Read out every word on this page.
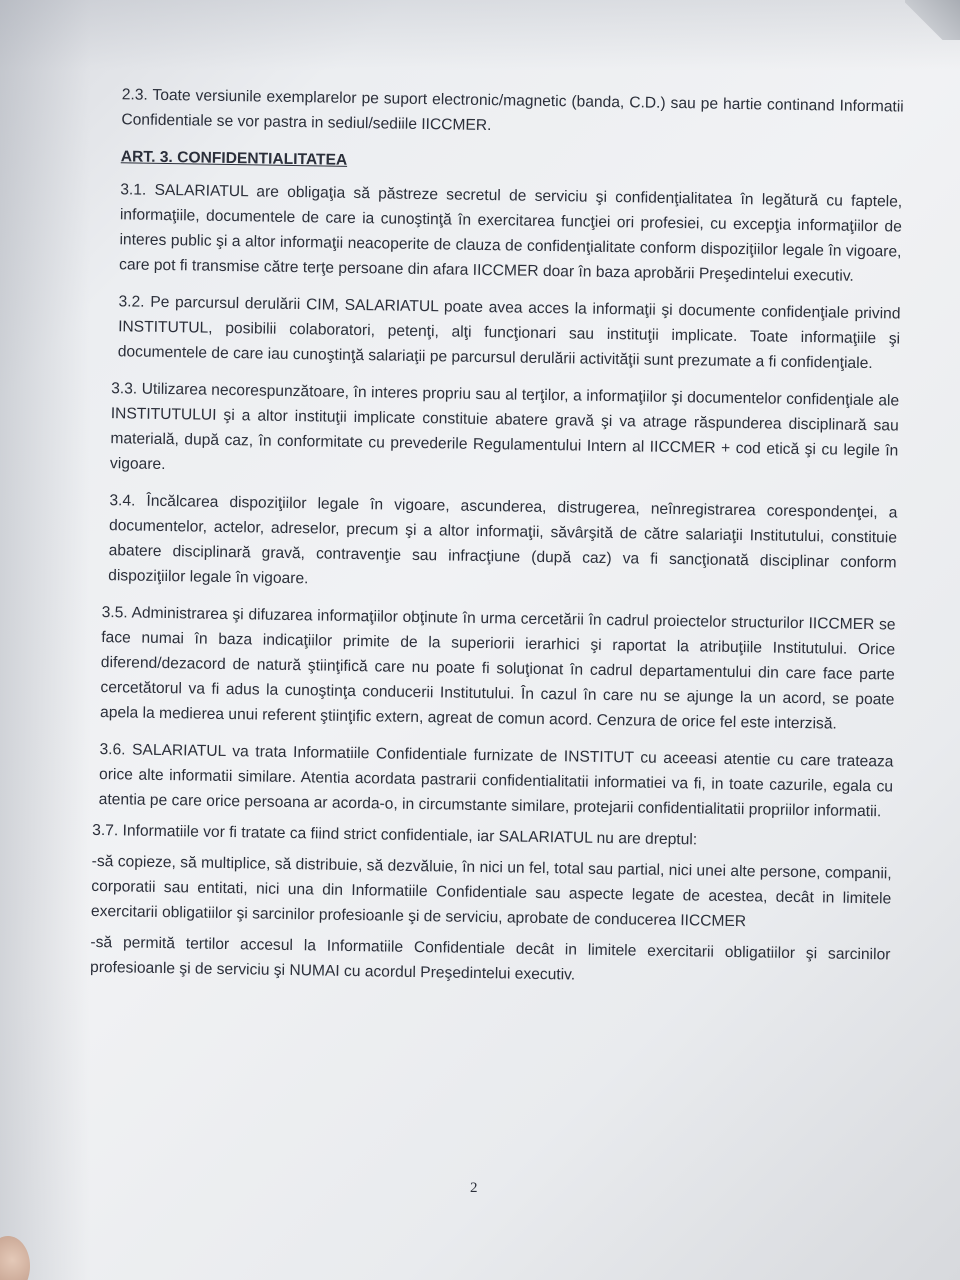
2.3. Toate versiunile exemplarelor pe suport electronic/magnetic (banda, C.D.) sau pe hartie continand Informatii Confidentiale se vor pastra in sediul/sediile IICCMER.

ART. 3. CONFIDENTIALITATEA

3.1. SALARIATUL are obligaţia să păstreze secretul de serviciu şi confidenţialitatea în legătură cu faptele, informaţiile, documentele de care ia cunoştinţă în exercitarea funcţiei ori profesiei, cu excepţia informaţiilor de interes public şi a altor informaţii neacoperite de clauza de confidenţialitate conform dispoziţiilor legale în vigoare, care pot fi transmise către terţe persoane din afara IICCMER doar în baza aprobării Preşedintelui executiv.

3.2. Pe parcursul derulării CIM, SALARIATUL poate avea acces la informaţii şi documente confidenţiale privind INSTITUTUL, posibilii colaboratori, petenţi, alţi funcţionari sau instituţii implicate. Toate informaţiile şi documentele de care iau cunoştinţă salariaţii pe parcursul derulării activităţii sunt prezumate a fi confidenţiale.

3.3. Utilizarea necorespunzătoare, în interes propriu sau al terţilor, a informaţiilor şi documentelor confidenţiale ale INSTITUTULUI şi a altor instituţii implicate constituie abatere gravă şi va atrage răspunderea disciplinară sau materială, după caz, în conformitate cu prevederile Regulamentului Intern al IICCMER + cod etică şi cu legile în vigoare.

3.4. Încălcarea dispoziţiilor legale în vigoare, ascunderea, distrugerea, neînregistrarea corespondenţei, a documentelor, actelor, adreselor, precum şi a altor informaţii, săvârşită de către salariaţii Institutului, constituie abatere disciplinară gravă, contravenţie sau infracţiune (după caz) va fi sancţionată disciplinar conform dispoziţiilor legale în vigoare.

3.5. Administrarea şi difuzarea informaţiilor obţinute în urma cercetării în cadrul proiectelor structurilor IICCMER se face numai în baza indicaţiilor primite de la superiorii ierarhici şi raportat la atribuţiile Institutului. Orice diferend/dezacord de natură ştiinţifică care nu poate fi soluţionat în cadrul departamentului din care face parte cercetătorul va fi adus la cunoştinţa conducerii Institutului. În cazul în care nu se ajunge la un acord, se poate apela la medierea unui referent ştiinţific extern, agreat de comun acord. Cenzura de orice fel este interzisă.

3.6. SALARIATUL va trata Informatiile Confidentiale furnizate de INSTITUT cu aceeasi atentie cu care trateaza orice alte informatii similare. Atentia acordata pastrarii confidentialitatii informatiei va fi, in toate cazurile, egala cu atentia pe care orice persoana ar acorda-o, in circumstante similare, protejarii confidentialitatii propriilor informatii.

3.7. Informatiile vor fi tratate ca fiind strict confidentiale, iar SALARIATUL nu are dreptul:

-să copieze, să multiplice, să distribuie, să dezvăluie, în nici un fel, total sau partial, nici unei alte persone, companii, corporatii sau entitati, nici una din Informatiile Confidentiale sau aspecte legate de acestea, decât in limitele exercitarii obligatiilor şi sarcinilor profesioanle şi de serviciu, aprobate de conducerea IICCMER

-să permită tertilor accesul la Informatiile Confidentiale decât in limitele exercitarii obligatiilor şi sarcinilor profesioanle şi de serviciu şi NUMAI cu acordul Preşedintelui executiv.

2
